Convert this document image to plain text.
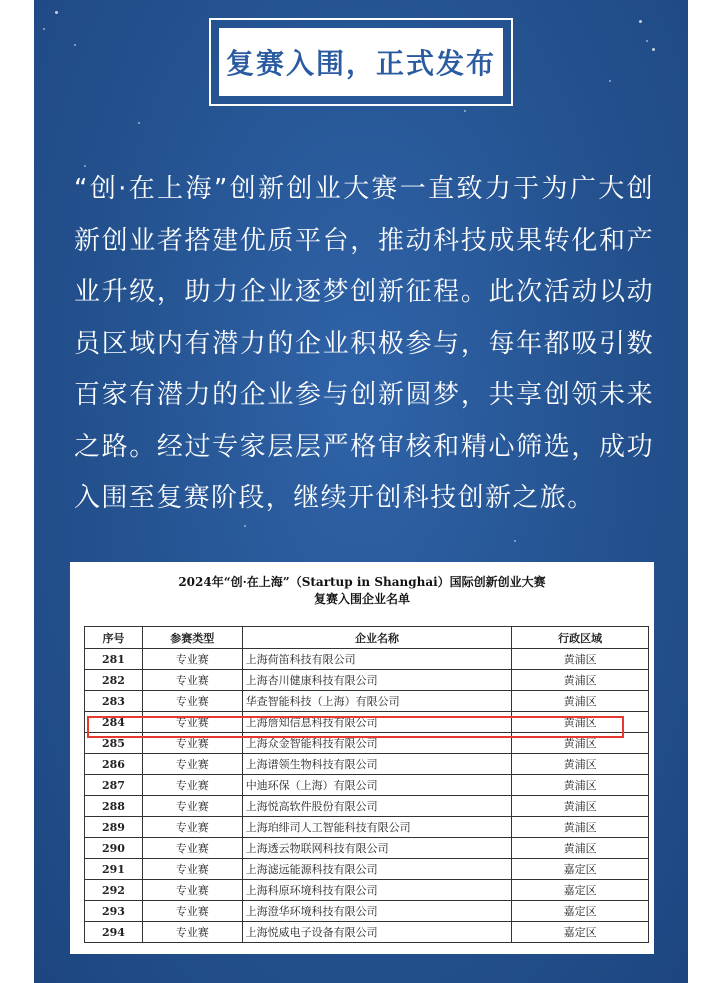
复赛入围，正式发布

“创·在上海”创新创业大赛一直致力于为广大创新创业者搭建优质平台，推动科技成果转化和产业升级，助力企业逐梦创新征程。此次活动以动员区域内有潜力的企业积极参与，每年都吸引数百家有潜力的企业参与创新圆梦，共享创领未来之路。经过专家层层严格审核和精心筛选，成功入围至复赛阶段，继续开创科技创新之旅。

2024年“创·在上海”（Startup in Shanghai）国际创新创业大赛
复赛入围企业名单
序号	参赛类型	企业名称	行政区域
281	专业赛	上海荷笛科技有限公司	黄浦区
282	专业赛	上海杏川健康科技有限公司	黄浦区
283	专业赛	华查智能科技（上海）有限公司	黄浦区
284	专业赛	上海詹知信息科技有限公司	黄浦区
285	专业赛	上海众金智能科技有限公司	黄浦区
286	专业赛	上海谱领生物科技有限公司	黄浦区
287	专业赛	中迪环保（上海）有限公司	黄浦区
288	专业赛	上海悦高软件股份有限公司	黄浦区
289	专业赛	上海珀绯司人工智能科技有限公司	黄浦区
290	专业赛	上海透云物联网科技有限公司	黄浦区
291	专业赛	上海滤远能源科技有限公司	嘉定区
292	专业赛	上海科原环境科技有限公司	嘉定区
293	专业赛	上海澄华环境科技有限公司	嘉定区
294	专业赛	上海悦威电子设备有限公司	嘉定区
